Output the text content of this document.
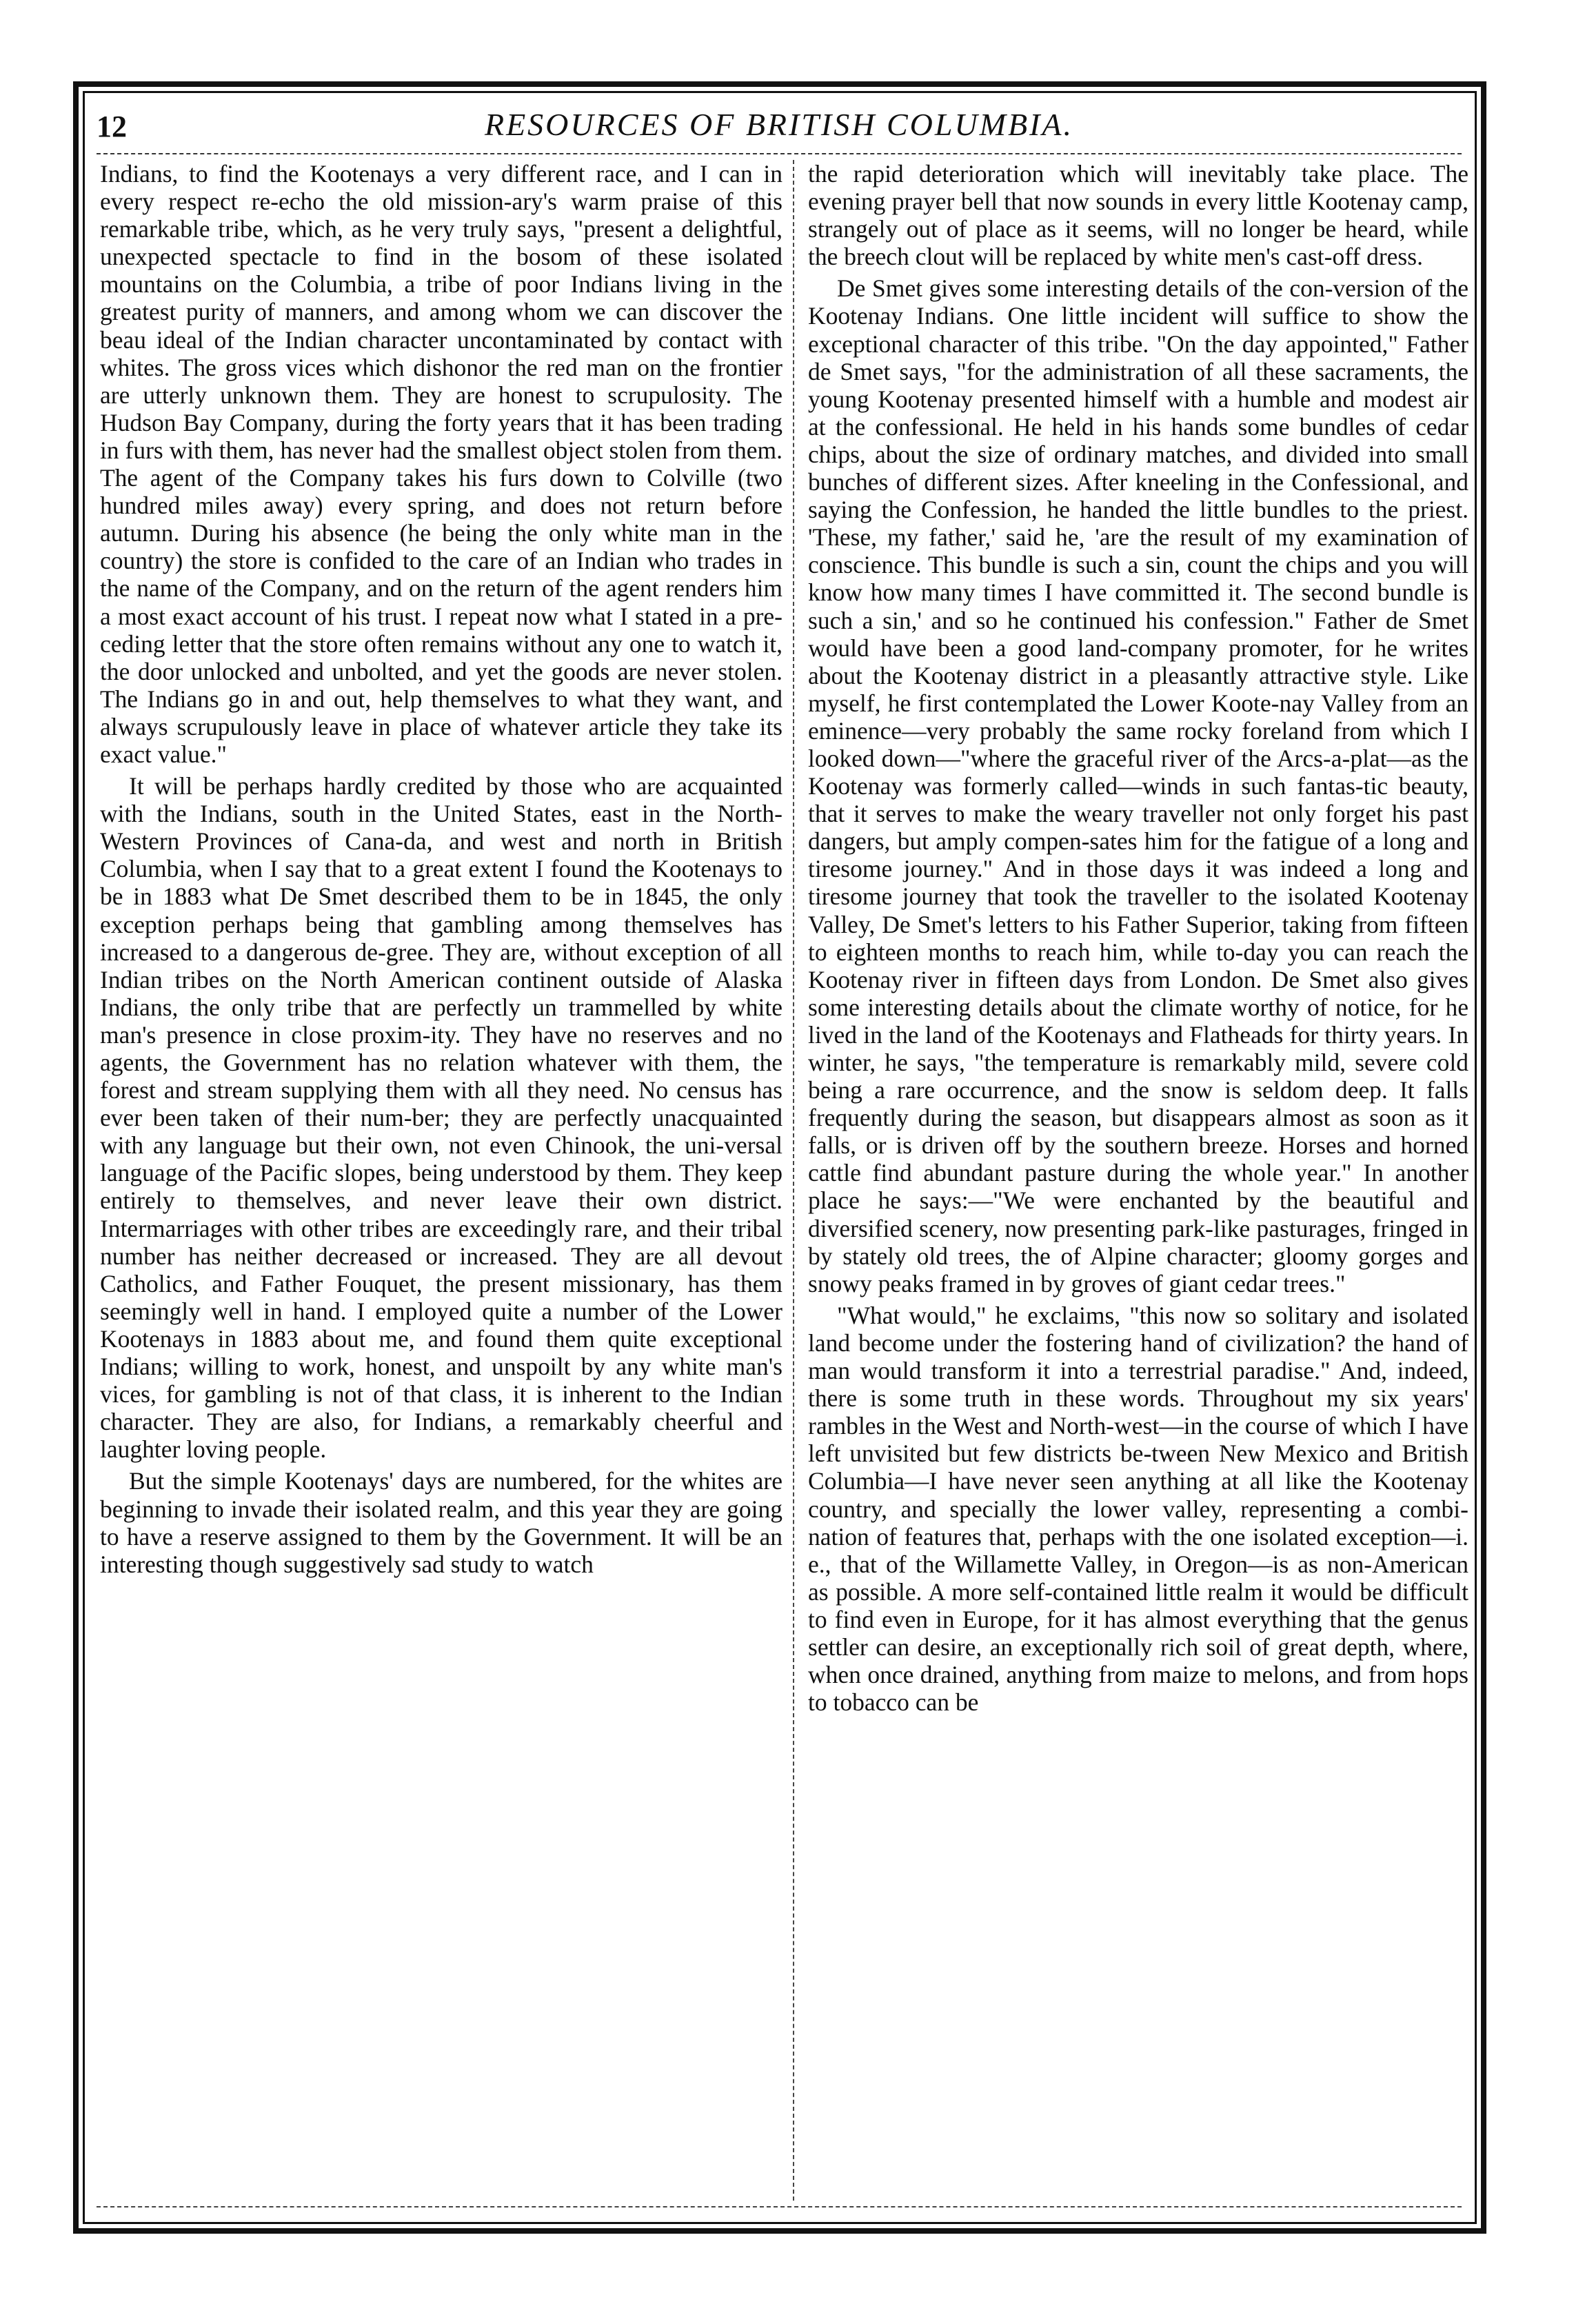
12	RESOURCES OF BRITISH COLUMBIA.

Indians, to find the Kootenays a very different race, and I can in every respect re-echo the old mission-ary's warm praise of this remarkable tribe, which, as he very truly says, "present a delightful, unexpected spectacle to find in the bosom of these isolated mountains on the Columbia, a tribe of poor Indians living in the greatest purity of manners, and among whom we can discover the beau ideal of the Indian character uncontaminated by contact with whites. The gross vices which dishonor the red man on the frontier are utterly unknown them. They are honest to scrupulosity. The Hudson Bay Company, during the forty years that it has been trading in furs with them, has never had the smallest object stolen from them. The agent of the Company takes his furs down to Colville (two hundred miles away) every spring, and does not return before autumn. During his absence (he being the only white man in the country) the store is confided to the care of an Indian who trades in the name of the Company, and on the return of the agent renders him a most exact account of his trust. I repeat now what I stated in a pre-ceding letter that the store often remains without any one to watch it, the door unlocked and unbolted, and yet the goods are never stolen. The Indians go in and out, help themselves to what they want, and always scrupulously leave in place of whatever article they take its exact value."

It will be perhaps hardly credited by those who are acquainted with the Indians, south in the United States, east in the North-Western Provinces of Cana-da, and west and north in British Columbia, when I say that to a great extent I found the Kootenays to be in 1883 what De Smet described them to be in 1845, the only exception perhaps being that gambling among themselves has increased to a dangerous de-gree. They are, without exception of all Indian tribes on the North American continent outside of Alaska Indians, the only tribe that are perfectly un trammelled by white man's presence in close proxim-ity. They have no reserves and no agents, the Government has no relation whatever with them, the forest and stream supplying them with all they need. No census has ever been taken of their num-ber; they are perfectly unacquainted with any language but their own, not even Chinook, the uni-versal language of the Pacific slopes, being understood by them. They keep entirely to themselves, and never leave their own district. Intermarriages with other tribes are exceedingly rare, and their tribal number has neither decreased or increased. They are all devout Catholics, and Father Fouquet, the present missionary, has them seemingly well in hand. I employed quite a number of the Lower Kootenays in 1883 about me, and found them quite exceptional Indians; willing to work, honest, and unspoilt by any white man's vices, for gambling is not of that class, it is inherent to the Indian character. They are also, for Indians, a remarkably cheerful and laughter loving people.

But the simple Kootenays' days are numbered, for the whites are beginning to invade their isolated realm, and this year they are going to have a reserve assigned to them by the Government. It will be an interesting though suggestively sad study to watch

the rapid deterioration which will inevitably take place. The evening prayer bell that now sounds in every little Kootenay camp, strangely out of place as it seems, will no longer be heard, while the breech clout will be replaced by white men's cast-off dress.

De Smet gives some interesting details of the con-version of the Kootenay Indians. One little incident will suffice to show the exceptional character of this tribe. "On the day appointed," Father de Smet says, "for the administration of all these sacraments, the young Kootenay presented himself with a humble and modest air at the confessional. He held in his hands some bundles of cedar chips, about the size of ordinary matches, and divided into small bunches of different sizes. After kneeling in the Confessional, and saying the Confession, he handed the little bundles to the priest. 'These, my father,' said he, 'are the result of my examination of conscience. This bundle is such a sin, count the chips and you will know how many times I have committed it. The second bundle is such a sin,' and so he continued his confession." Father de Smet would have been a good land-company promoter, for he writes about the Kootenay district in a pleasantly attractive style. Like myself, he first contemplated the Lower Koote-nay Valley from an eminence—very probably the same rocky foreland from which I looked down—"where the graceful river of the Arcs-a-plat—as the Kootenay was formerly called—winds in such fantas-tic beauty, that it serves to make the weary traveller not only forget his past dangers, but amply compen-sates him for the fatigue of a long and tiresome journey." And in those days it was indeed a long and tiresome journey that took the traveller to the isolated Kootenay Valley, De Smet's letters to his Father Superior, taking from fifteen to eighteen months to reach him, while to-day you can reach the Kootenay river in fifteen days from London. De Smet also gives some interesting details about the climate worthy of notice, for he lived in the land of the Kootenays and Flatheads for thirty years. In winter, he says, "the temperature is remarkably mild, severe cold being a rare occurrence, and the snow is seldom deep. It falls frequently during the season, but disappears almost as soon as it falls, or is driven off by the southern breeze. Horses and horned cattle find abundant pasture during the whole year." In another place he says:—"We were enchanted by the beautiful and diversified scenery, now presenting park-like pasturages, fringed in by stately old trees, the of Alpine character; gloomy gorges and snowy peaks framed in by groves of giant cedar trees."

"What would," he exclaims, "this now so solitary and isolated land become under the fostering hand of civilization? the hand of man would transform it into a terrestrial paradise." And, indeed, there is some truth in these words. Throughout my six years' rambles in the West and North-west—in the course of which I have left unvisited but few districts be-tween New Mexico and British Columbia—I have never seen anything at all like the Kootenay country, and specially the lower valley, representing a combi-nation of features that, perhaps with the one isolated exception—i. e., that of the Willamette Valley, in Oregon—is as non-American as possible. A more self-contained little realm it would be difficult to find even in Europe, for it has almost everything that the genus settler can desire, an exceptionally rich soil of great depth, where, when once drained, anything from maize to melons, and from hops to tobacco can be
